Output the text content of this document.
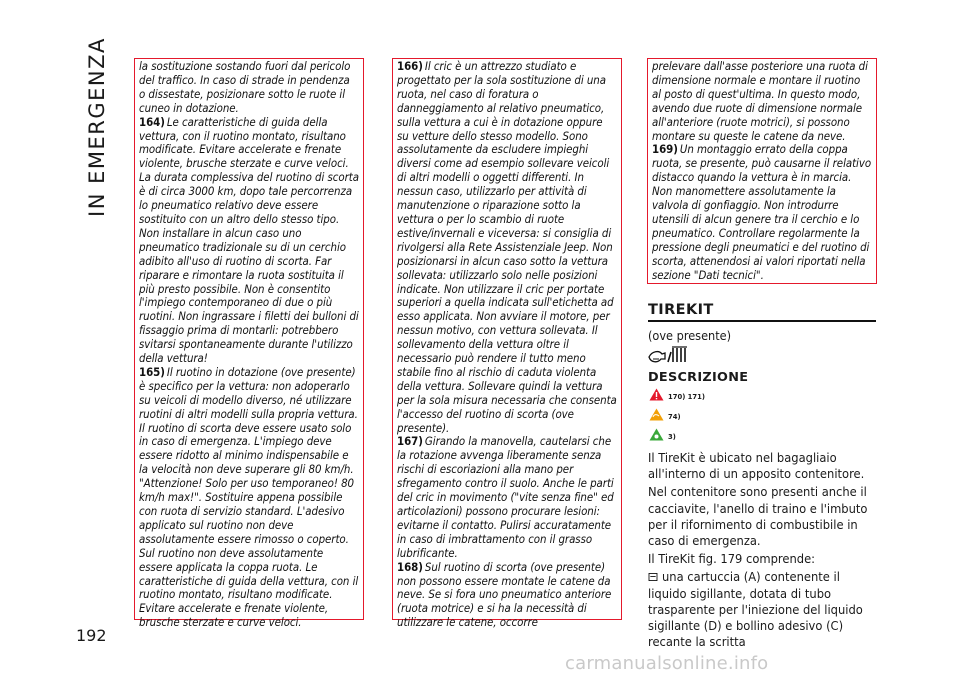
IN EMERGENZA
192

la sostituzione sostando fuori dal pericolo del traffico. In caso di strade in pendenza o dissestate, posizionare sotto le ruote il cuneo in dotazione.

164) Le caratteristiche di guida della vettura, con il ruotino montato, risultano modificate. Evitare accelerate e frenate violente, brusche sterzate e curve veloci. La durata complessiva del ruotino di scorta è di circa 3000 km, dopo tale percorrenza lo pneumatico relativo deve essere sostituito con un altro dello stesso tipo. Non installare in alcun caso uno pneumatico tradizionale su di un cerchio adibito all'uso di ruotino di scorta. Far riparare e rimontare la ruota sostituita il più presto possibile. Non è consentito l'impiego contemporaneo di due o più ruotini. Non ingrassare i filetti dei bulloni di fissaggio prima di montarli: potrebbero svitarsi spontaneamente durante l'utilizzo della vettura!

165) Il ruotino in dotazione (ove presente) è specifico per la vettura: non adoperarlo su veicoli di modello diverso, né utilizzare ruotini di altri modelli sulla propria vettura. Il ruotino di scorta deve essere usato solo in caso di emergenza. L'impiego deve essere ridotto al minimo indispensabile e la velocità non deve superare gli 80 km/h. "Attenzione! Solo per uso temporaneo! 80 km/h max!". Sostituire appena possibile con ruota di servizio standard. L'adesivo applicato sul ruotino non deve assolutamente essere rimosso o coperto. Sul ruotino non deve assolutamente essere applicata la coppa ruota. Le caratteristiche di guida della vettura, con il ruotino montato, risultano modificate. Evitare accelerate e frenate violente, brusche sterzate e curve veloci.

166) Il cric è un attrezzo studiato e progettato per la sola sostituzione di una ruota, nel caso di foratura o danneggiamento al relativo pneumatico, sulla vettura a cui è in dotazione oppure su vetture dello stesso modello. Sono assolutamente da escludere impieghi diversi come ad esempio sollevare veicoli di altri modelli o oggetti differenti. In nessun caso, utilizzarlo per attività di manutenzione o riparazione sotto la vettura o per lo scambio di ruote estive/invernali e viceversa: si consiglia di rivolgersi alla Rete Assistenziale Jeep. Non posizionarsi in alcun caso sotto la vettura sollevata: utilizzarlo solo nelle posizioni indicate. Non utilizzare il cric per portate superiori a quella indicata sull'etichetta ad esso applicata. Non avviare il motore, per nessun motivo, con vettura sollevata. Il sollevamento della vettura oltre il necessario può rendere il tutto meno stabile fino al rischio di caduta violenta della vettura. Sollevare quindi la vettura per la sola misura necessaria che consenta l'accesso del ruotino di scorta (ove presente).

167) Girando la manovella, cautelarsi che la rotazione avvenga liberamente senza rischi di escoriazioni alla mano per sfregamento contro il suolo. Anche le parti del cric in movimento ("vite senza fine" ed articolazioni) possono procurare lesioni: evitarne il contatto. Pulirsi accuratamente in caso di imbrattamento con il grasso lubrificante.

168) Sul ruotino di scorta (ove presente) non possono essere montate le catene da neve. Se si fora uno pneumatico anteriore (ruota motrice) e si ha la necessità di utilizzare le catene, occorre

prelevare dall'asse posteriore una ruota di dimensione normale e montare il ruotino al posto di quest'ultima. In questo modo, avendo due ruote di dimensione normale all'anteriore (ruote motrici), si possono montare su queste le catene da neve.

169) Un montaggio errato della coppa ruota, se presente, può causarne il relativo distacco quando la vettura è in marcia. Non manomettere assolutamente la valvola di gonfiaggio. Non introdurre utensili di alcun genere tra il cerchio e lo pneumatico. Controllare regolarmente la pressione degli pneumatici e del ruotino di scorta, attenendosi ai valori riportati nella sezione "Dati tecnici".

TIREKIT
(ove presente)
DESCRIZIONE
170) 171)
74)
3)

Il TireKit è ubicato nel bagagliaio all'interno di un apposito contenitore.

Nel contenitore sono presenti anche il cacciavite, l'anello di traino e l'imbuto per il rifornimento di combustibile in caso di emergenza.

Il TireKit fig. 179 comprende:

una cartuccia (A) contenente il liquido sigillante, dotata di tubo trasparente per l'iniezione del liquido sigillante (D) e bollino adesivo (C) recante la scritta

carmanualsonline.info
